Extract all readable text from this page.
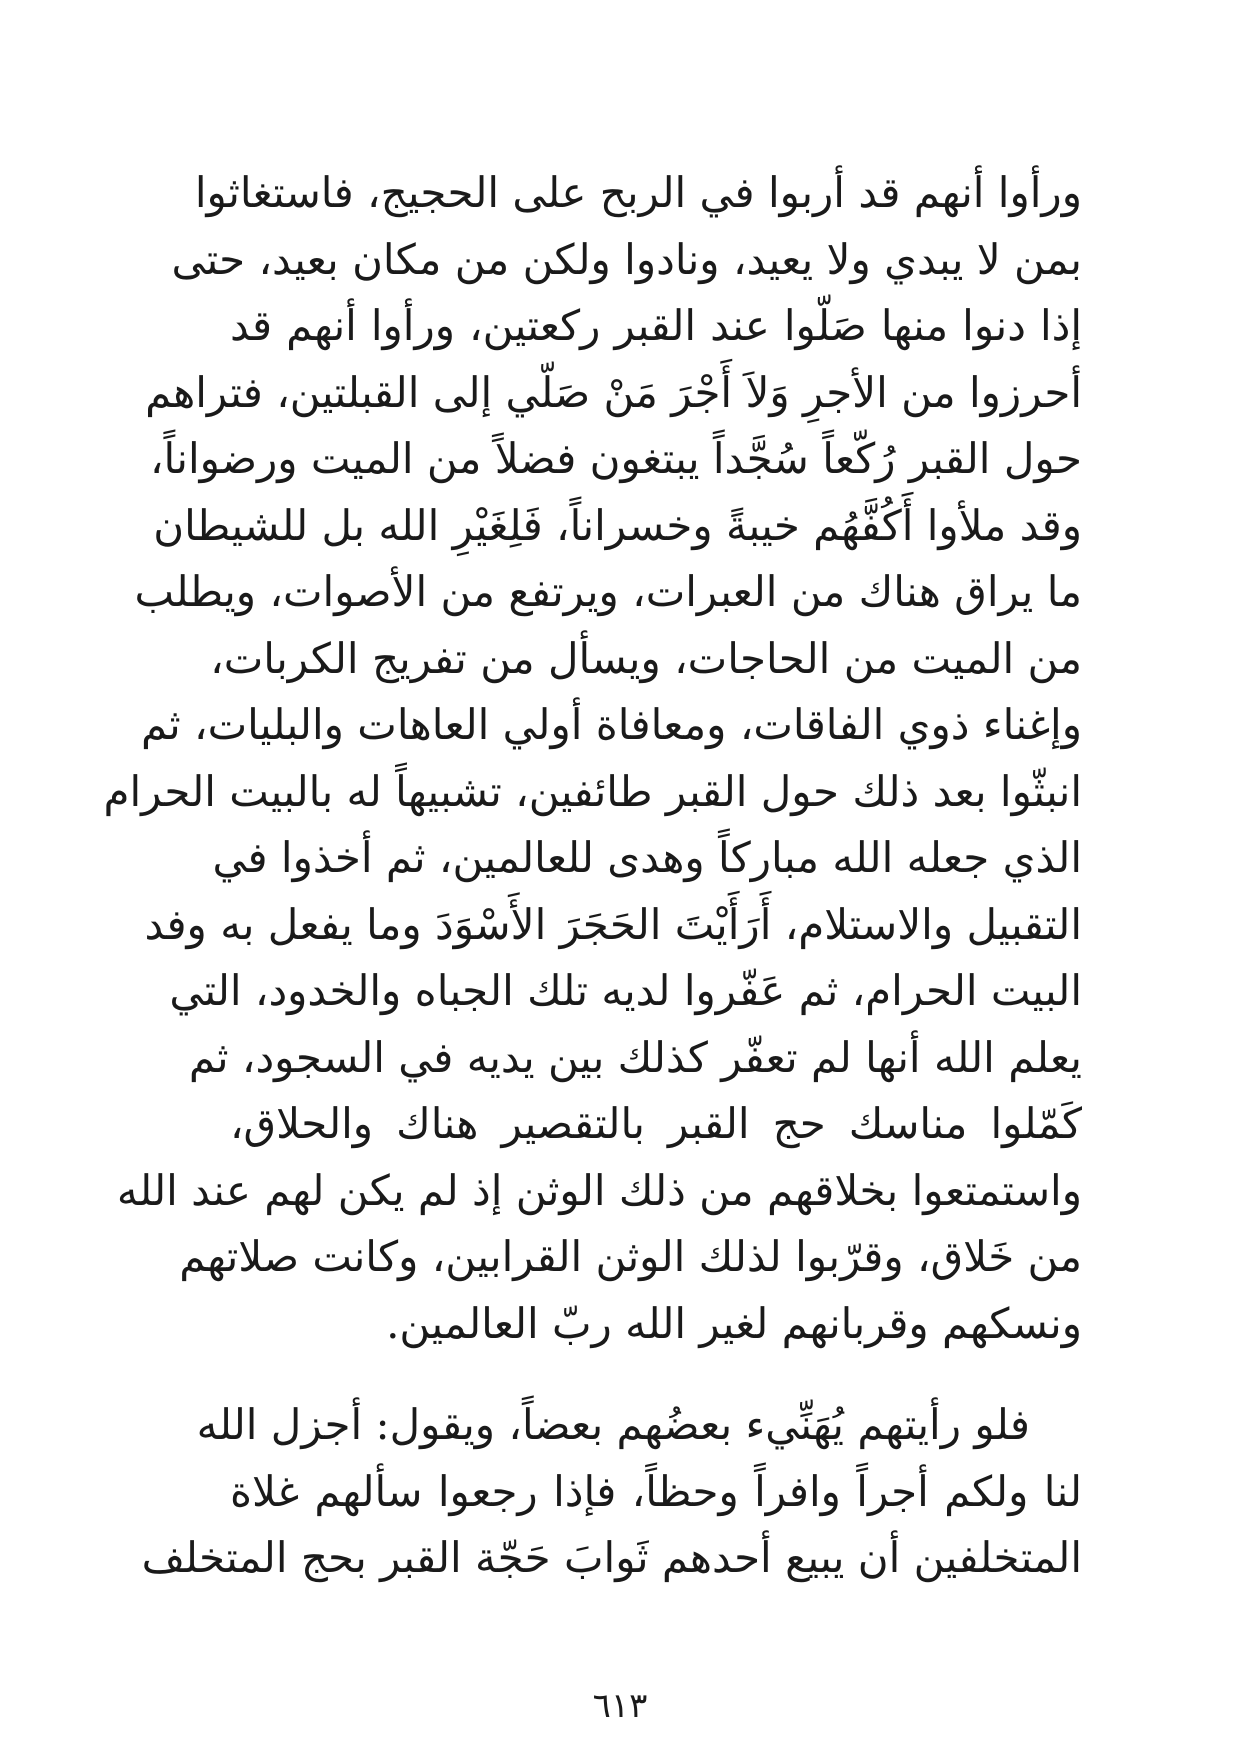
ورأوا أنهم قد أربوا في الربح على الحجيج، فاستغاثوا
بمن لا يبدي ولا يعيد، ونادوا ولكن من مكان بعيد، حتى
إذا دنوا منها صَلّوا عند القبر ركعتين، ورأوا أنهم قد
أحرزوا من الأجرِ وَلاَ أَجْرَ مَنْ صَلّي إلى القبلتين، فتراهم
حول القبر رُكّعاً سُجَّداً يبتغون فضلاً من الميت ورضواناً،
وقد ملأوا أَكُفَّهُم خيبةً وخسراناً، فَلِغَيْرِ الله بل للشيطان
ما يراق هناك من العبرات، ويرتفع من الأصوات، ويطلب
من الميت من الحاجات، ويسأل من تفريج الكربات،
وإغناء ذوي الفاقات، ومعافاة أولي العاهات والبليات، ثم
انبثّوا بعد ذلك حول القبر طائفين، تشبيهاً له بالبيت الحرام
الذي جعله الله مباركاً وهدى للعالمين، ثم أخذوا في
التقبيل والاستلام، أَرَأَيْتَ الحَجَرَ الأَسْوَدَ وما يفعل به وفد
البيت الحرام، ثم عَفّروا لديه تلك الجباه والخدود، التي
يعلم الله أنها لم تعفّر كذلك بين يديه في السجود، ثم
كَمّلوا مناسك حج القبر بالتقصير هناك والحلاق،
واستمتعوا بخلاقهم من ذلك الوثن إذ لم يكن لهم عند الله
من خَلاق، وقرّبوا لذلك الوثن القرابين، وكانت صلاتهم
ونسكهم وقربانهم لغير الله ربّ العالمين.
فلو رأيتهم يُهَنِّيء بعضُهم بعضاً، ويقول: أجزل الله
لنا ولكم أجراً وافراً وحظاً، فإذا رجعوا سألهم غلاة
المتخلفين أن يبيع أحدهم ثَوابَ حَجّة القبر بحج المتخلف
٦١٣
